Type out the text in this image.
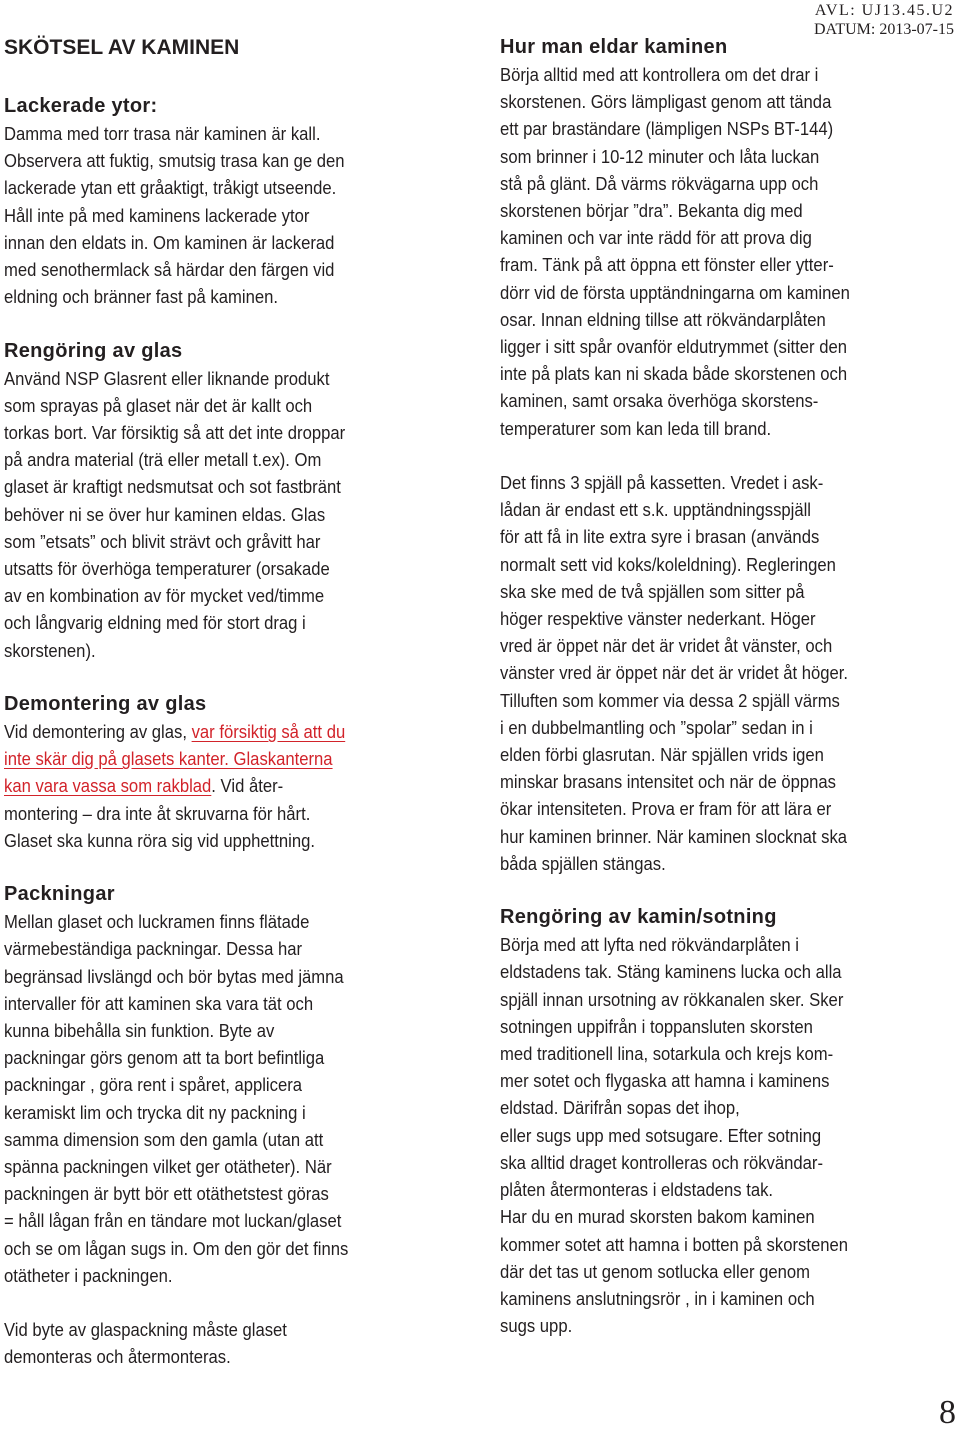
AVL: UJ13.45.U2
DATUM: 2013-07-15
SKÖTSEL AV KAMINEN
Lackerade ytor:

Damma med torr trasa när kaminen är kall.
Observera att fuktig, smutsig trasa kan ge den
lackerade ytan ett gråaktigt, tråkigt utseende.
Håll inte på med kaminens lackerade ytor
innan den eldats in. Om kaminen är lackerad
med senothermlack så härdar den färgen vid
eldning och bränner fast på kaminen.

Rengöring av glas

Använd NSP Glasrent eller liknande produkt
som sprayas på glaset när det är kallt och
torkas bort. Var försiktig så att det inte droppar
på andra material (trä eller metall t.ex). Om
glaset är kraftigt nedsmutsat och sot fastbränt
behöver ni se över hur kaminen eldas. Glas
som ”etsats” och blivit strävt och gråvitt har
utsatts för överhöga temperaturer (orsakade
av en kombination av för mycket ved/timme
och långvarig eldning med för stort drag i
skorstenen).

Demontering av glas

Vid demontering av glas, var försiktig så att du
inte skär dig på glasets kanter. Glaskanterna
kan vara vassa som rakblad. Vid åter-
montering – dra inte åt skruvarna för hårt.
Glaset ska kunna röra sig vid upphettning.

Packningar

Mellan glaset och luckramen finns flätade
värmebeständiga packningar. Dessa har
begränsad livslängd och bör bytas med jämna
intervaller för att kaminen ska vara tät och
kunna bibehålla sin funktion. Byte av
packningar görs genom att ta bort befintliga
packningar , göra rent i spåret, applicera
keramiskt lim och trycka dit ny packning i
samma dimension som den gamla (utan att
spänna packningen vilket ger otätheter). När
packningen är bytt bör ett otäthetstest göras
= håll lågan från en tändare mot luckan/glaset
och se om lågan sugs in. Om den gör det finns
otätheter i packningen.

Vid byte av glaspackning måste glaset
demonteras och återmonteras.

Hur man eldar kaminen

Börja alltid med att kontrollera om det drar i
skorstenen. Görs lämpligast genom att tända
ett par braständare (lämpligen NSPs BT-144)
som brinner i 10-12 minuter och låta luckan
stå på glänt. Då värms rökvägarna upp och
skorstenen börjar ”dra”. Bekanta dig med
kaminen och var inte rädd för att prova dig
fram. Tänk på att öppna ett fönster eller ytter-
dörr vid de första upptändningarna om kaminen
osar. Innan eldning tillse att rökvändarplåten
ligger i sitt spår ovanför eldutrymmet (sitter den
inte på plats kan ni skada både skorstenen och
kaminen, samt orsaka överhöga skorstens-
temperaturer som kan leda till brand.

Det finns 3 spjäll på kassetten. Vredet i ask-
lådan är endast ett s.k. upptändningsspjäll
för att få in lite extra syre i brasan (används
normalt sett vid koks/koleldning). Regleringen
ska ske med de två spjällen som sitter på
höger respektive vänster nederkant. Höger
vred är öppet när det är vridet åt vänster, och
vänster vred är öppet när det är vridet åt höger.
Tilluften som kommer via dessa 2 spjäll värms
i en dubbelmantling och ”spolar” sedan in i
elden förbi glasrutan. När spjällen vrids igen
minskar brasans intensitet och när de öppnas
ökar intensiteten. Prova er fram för att lära er
hur kaminen brinner. När kaminen slocknat ska
båda spjällen stängas.

Rengöring av kamin/sotning

Börja med att lyfta ned rökvändarplåten i
eldstadens tak. Stäng kaminens lucka och alla
spjäll innan ursotning av rökkanalen sker. Sker
sotningen uppifrån i toppansluten skorsten
med traditionell lina, sotarkula och krejs kom-
mer sotet och flygaska att hamna i kaminens
eldstad. Därifrån sopas det ihop,
eller sugs upp med sotsugare. Efter sotning
ska alltid draget kontrolleras och rökvändar-
plåten återmonteras i eldstadens tak.
Har du en murad skorsten bakom kaminen
kommer sotet att hamna i botten på skorstenen
där det tas ut genom sotlucka eller genom
kaminens anslutningsrör , in i kaminen och
sugs upp.

8
